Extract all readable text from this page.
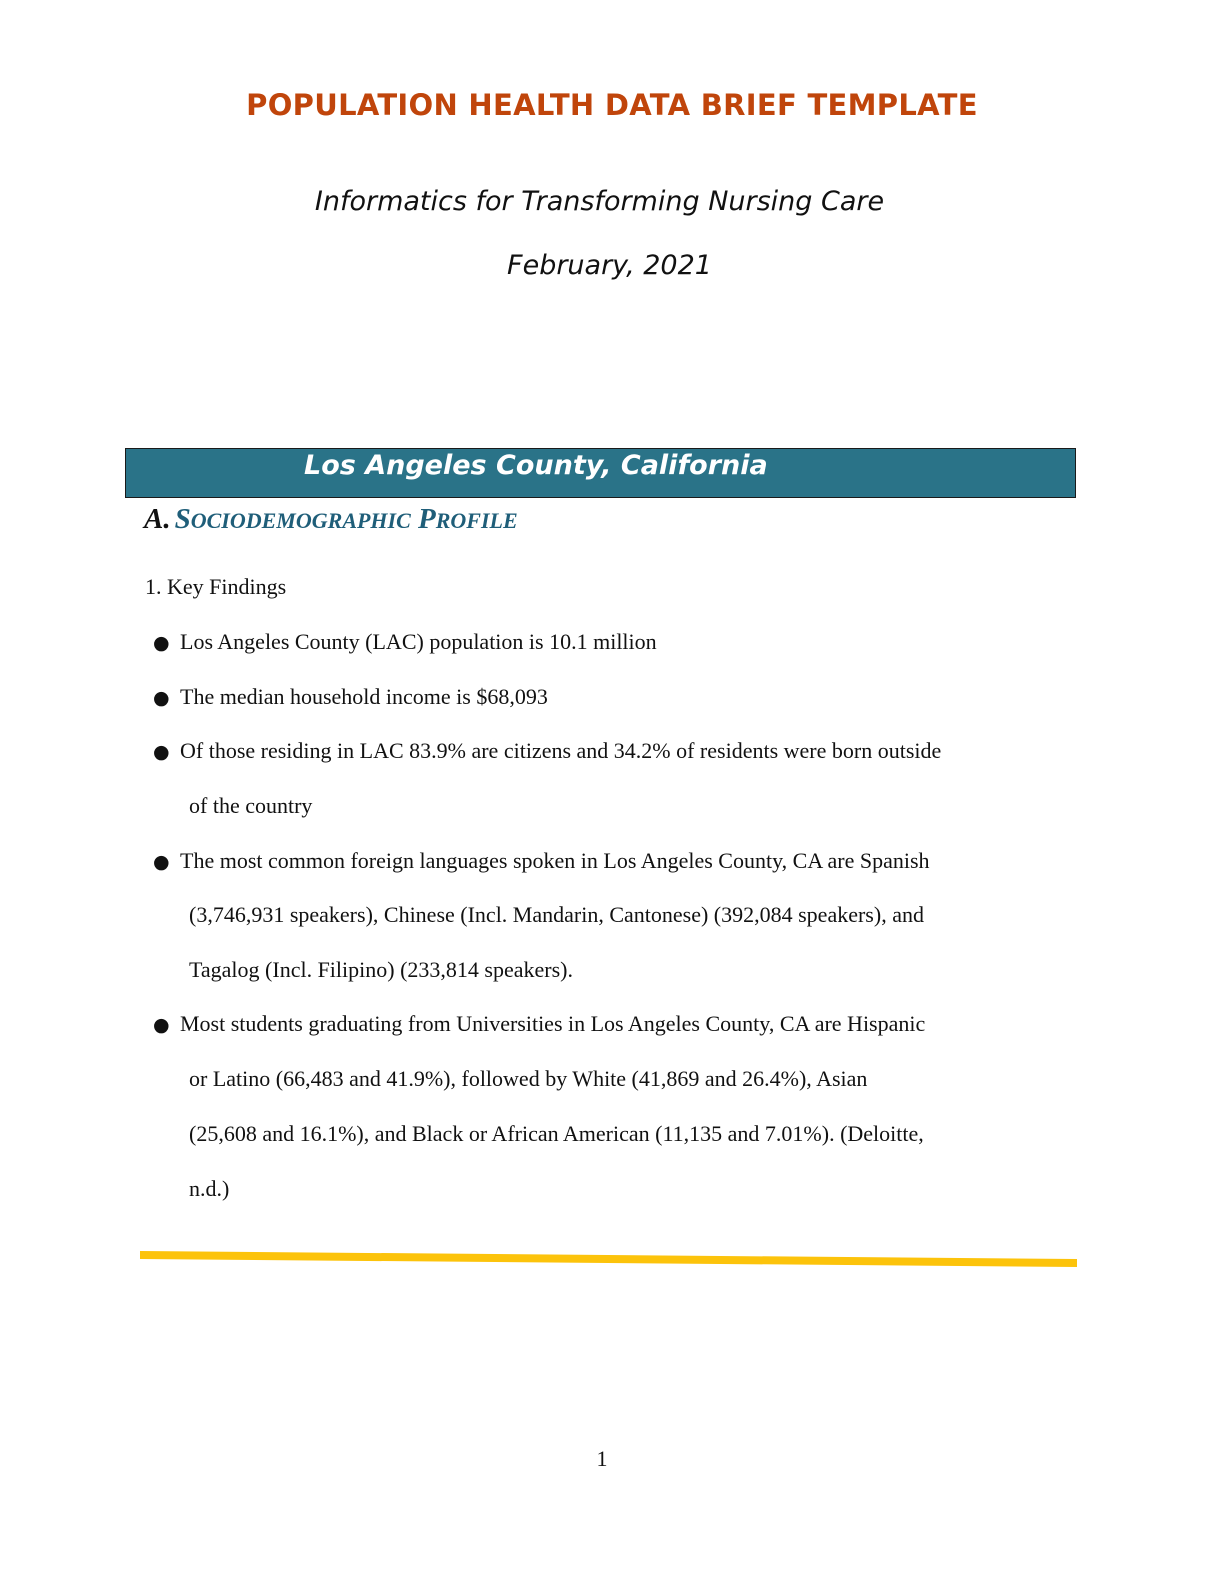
POPULATION HEALTH DATA BRIEF TEMPLATE
Informatics for Transforming Nursing Care
February, 2021
Los Angeles County, California
A. SOCIODEMOGRAPHIC PROFILE
1. Key Findings
● Los Angeles County (LAC) population is 10.1 million
● The median household income is $68,093
● Of those residing in LAC 83.9% are citizens and 34.2% of residents were born outside
of the country
● The most common foreign languages spoken in Los Angeles County, CA are Spanish
(3,746,931 speakers), Chinese (Incl. Mandarin, Cantonese) (392,084 speakers), and
Tagalog (Incl. Filipino) (233,814 speakers).
● Most students graduating from Universities in Los Angeles County, CA are Hispanic
or Latino (66,483 and 41.9%), followed by White (41,869 and 26.4%), Asian
(25,608 and 16.1%), and Black or African American (11,135 and 7.01%). (Deloitte,
n.d.)
1
